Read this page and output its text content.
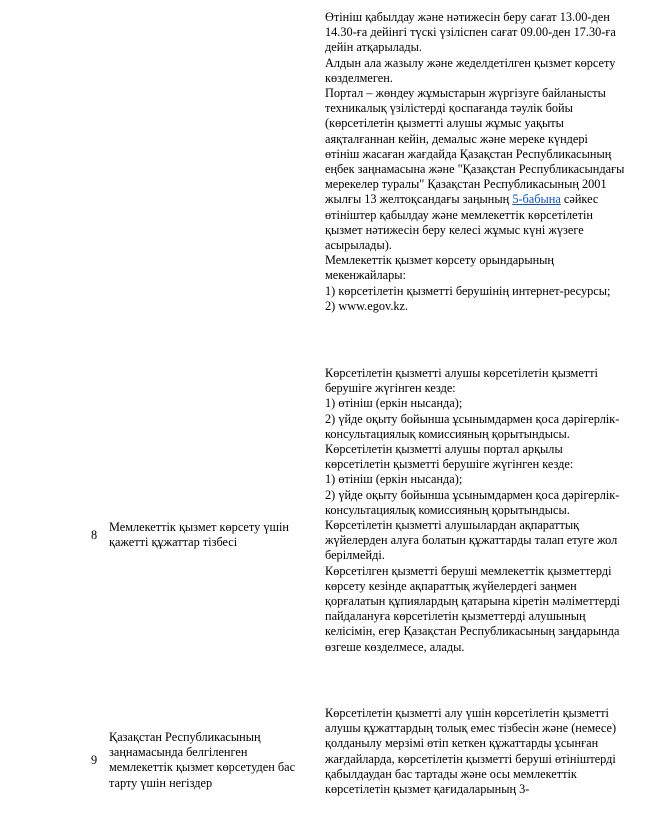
Өтініш қабылдау және нәтижесін беру сағат 13.00-ден 14.30-ға дейінгі түскі үзіліспен сағат 09.00-ден 17.30-ға дейін атқарылады.

Алдын ала жазылу және жеделдетілген қызмет көрсету көзделмеген.

Портал – жөндеу жұмыстарын жүргізуге байланысты техникалық үзілістерді қоспағанда тәулік бойы (көрсетілетін қызметті алушы жұмыс уақыты аяқталғаннан кейін, демалыс және мереке күндері өтініш жасаған жағдайда Қазақстан Республикасының еңбек заңнамасына және "Қазақстан Республикасындағы мерекелер туралы" Қазақстан Республикасының 2001 жылғы 13 желтоқсандағы заңының 5-бабына сәйкес өтініштер қабылдау және мемлекеттік көрсетілетін қызмет нәтижесін беру келесі жұмыс күні жүзеге асырылады).

Мемлекеттік қызмет көрсету орындарының мекенжайлары:

1) көрсетілетін қызметті берушінің интернет-ресурсы;

2) www.egov.kz.

8
Мемлекеттік қызмет көрсету үшін қажетті құжаттар тізбесі

Көрсетілетін қызметті алушы көрсетілетін қызметті берушіге жүгінген кезде:

1) өтініш (еркін нысанда);

2) үйде оқыту бойынша ұсынымдармен қоса дәрігерлік-консультациялық комиссияның қорытындысы.

Көрсетілетін қызметті алушы портал арқылы көрсетілетін қызметті берушіге жүгінген кезде:

1) өтініш (еркін нысанда);

2) үйде оқыту бойынша ұсынымдармен қоса дәрігерлік-консультациялық комиссияның қорытындысы.

Көрсетілетін қызметті алушылардан ақпараттық жүйелерден алуға болатын құжаттарды талап етуге жол берілмейді.

Көрсетілген қызметті беруші мемлекеттік қызметтерді көрсету кезінде ақпараттық жүйелердегі заңмен қорғалатын құпиялардың қатарына кіретін мәліметтерді пайдалануға көрсетілетін қызметтерді алушының келісімін, егер Қазақстан Республикасының заңдарында өзгеше көзделмесе, алады.

9
Қазақстан Республикасының заңнамасында белгіленген мемлекеттік қызмет көрсетуден бас тарту үшін негіздер
Көрсетілетін қызметті алу үшін көрсетілетін қызметті алушы құжаттардың толық емес тізбесін және (немесе) қолданылу мерзімі өтіп кеткен құжаттарды ұсынған жағдайларда, көрсетілетін қызметті беруші өтініштерді қабылдаудан бас тартады және осы мемлекеттік көрсетілетін қызмет қағидаларының 3-
